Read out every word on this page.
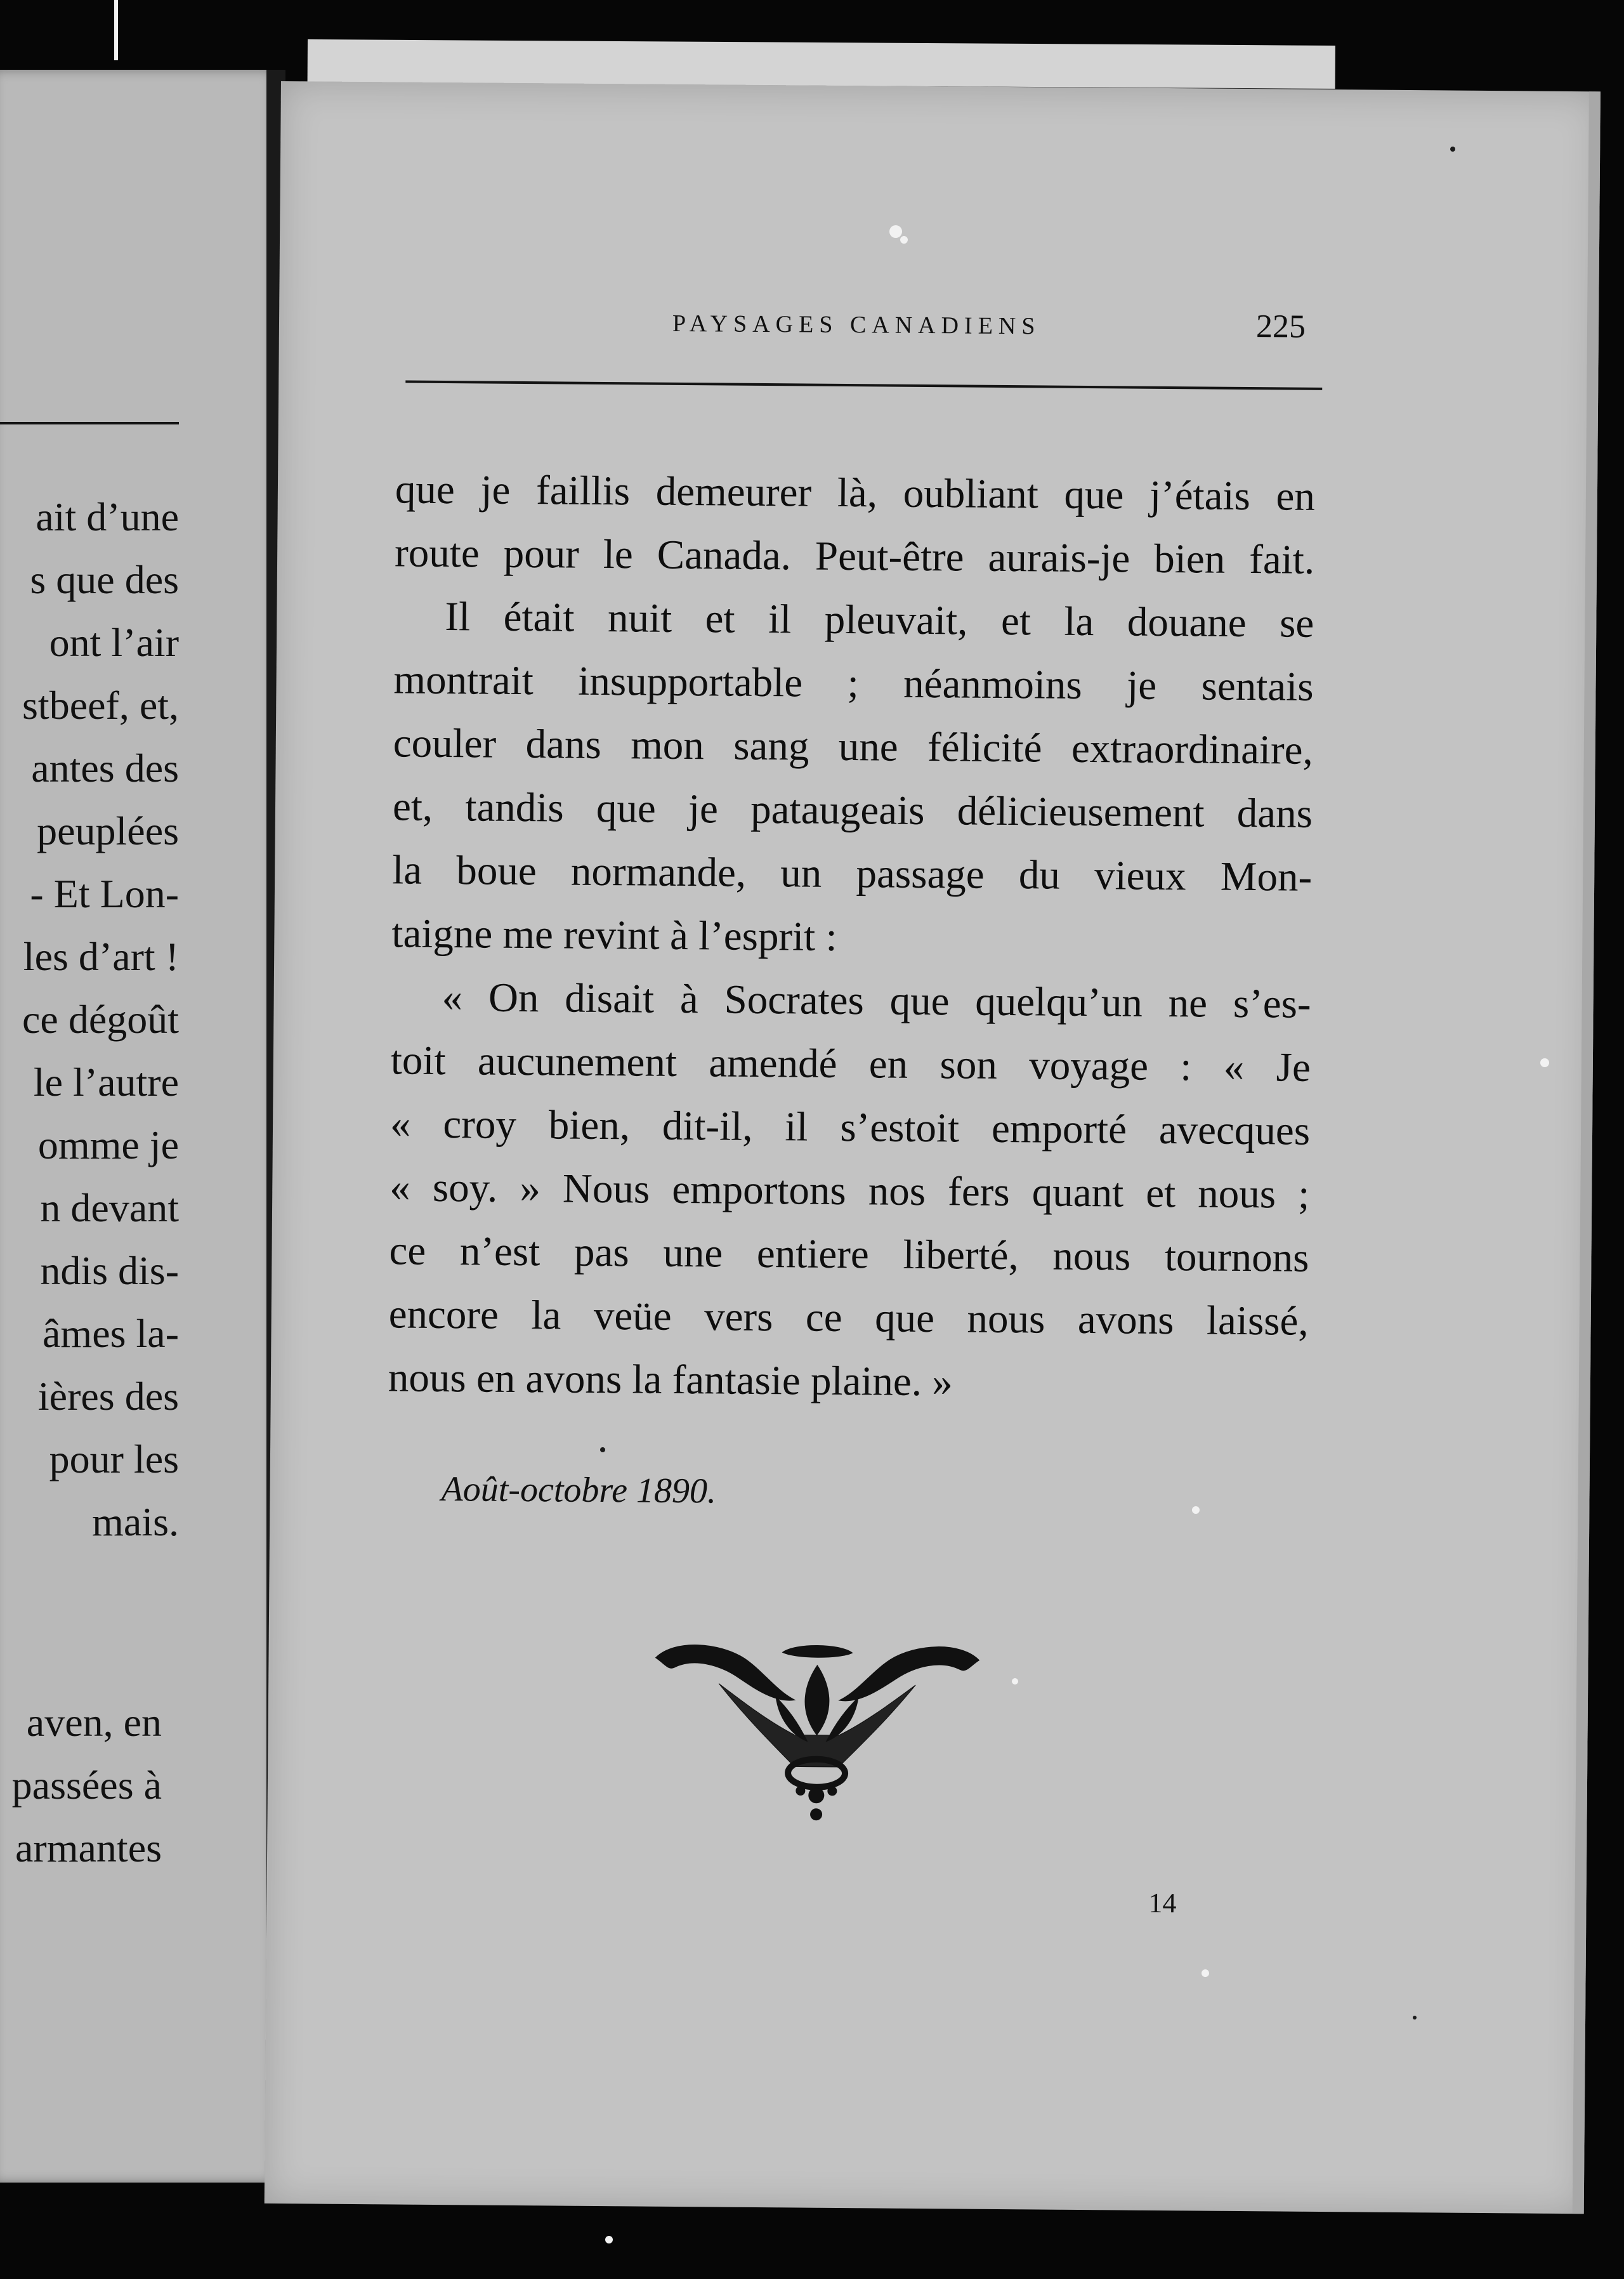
ait d’une
s que des
ont l’air
stbeef, et,
antes des
peuplées
- Et Lon-
les d’art !
ce dégoût
le l’autre
omme je
n devant
ndis dis-
âmes la-
ières des
pour les
mais.
aven, en
passées à
armantes
PAYSAGES CANADIENS	225
que je faillis demeurer là, oubliant que j’étais en
route pour le Canada. Peut-être aurais-je bien fait.
Il était nuit et il pleuvait, et la douane se
montrait insupportable ; néanmoins je sentais
couler dans mon sang une félicité extraordinaire,
et, tandis que je pataugeais délicieusement dans
la boue normande, un passage du vieux Mon-
taigne me revint à l’esprit :
« On disait à Socrates que quelqu’un ne s’es-
toit aucunement amendé en son voyage : « Je
« croy bien, dit-il, il s’estoit emporté avecques
« soy. » Nous emportons nos fers quant et nous ;
ce n’est pas une entiere liberté, nous tournons
encore la veüe vers ce que nous avons laissé,
nous en avons la fantasie plaine. »
Août-octobre 1890.
14
